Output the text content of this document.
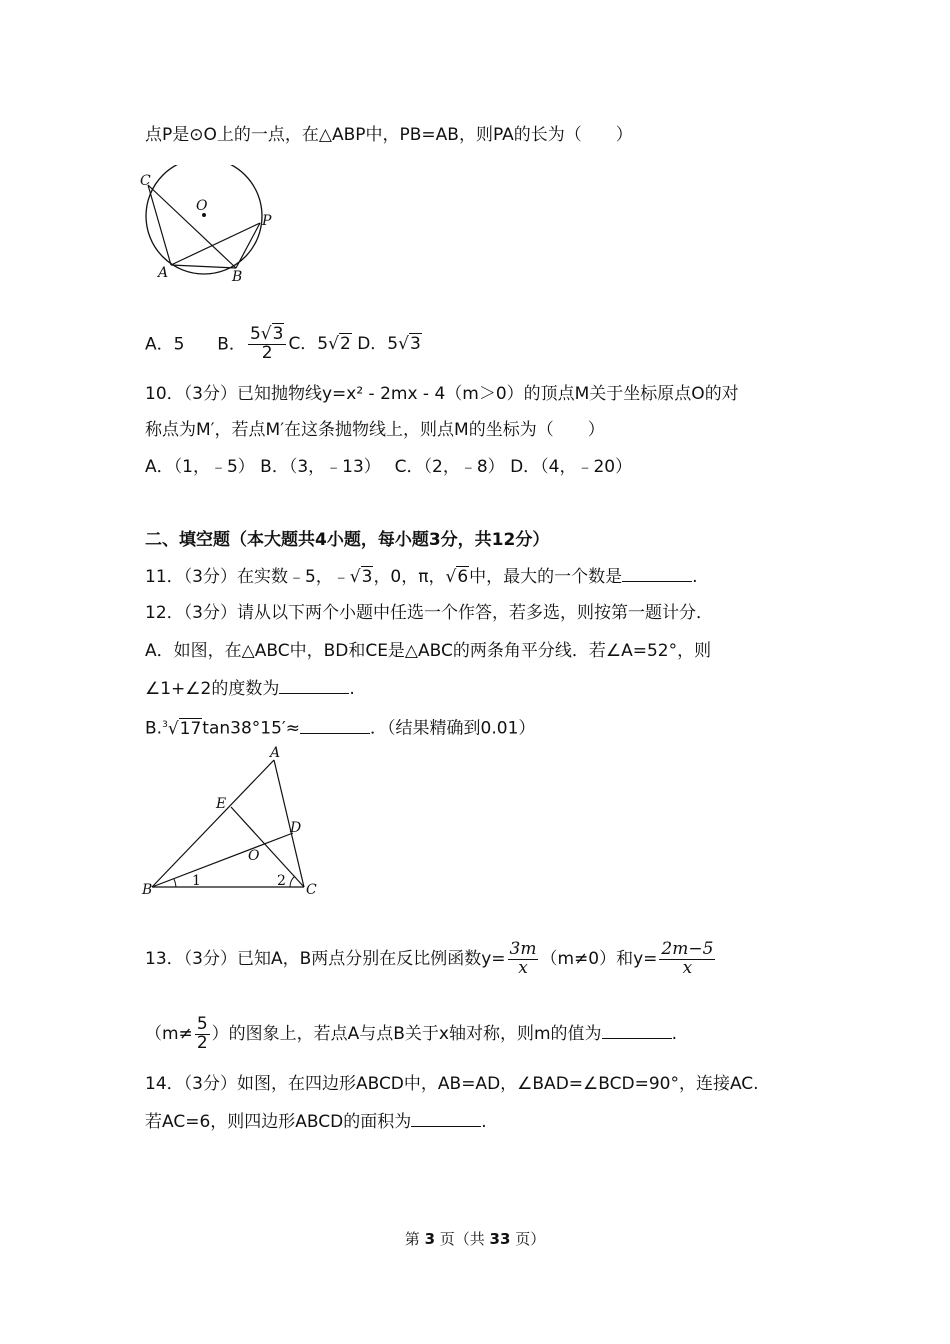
点P是⊙O上的一点，在△ABP中，PB=AB，则PA的长为（　　）
C
O
P
A	B
A．5 B． $\frac{5√3}{2}$ C．5√2 D．5√3
10．（3分）已知抛物线y=x² - 2mx - 4（m＞0）的顶点M关于坐标原点O的对
称点为M′，若点M′在这条抛物线上，则点M的坐标为（　　）
A．（1，﹣5） B．（3，﹣13）　 C．（2，﹣8） D．（4，﹣20）
二、填空题（本大题共4小题，每小题3分，共12分）
11．（3分）在实数﹣5，﹣√3，0，π，√6中，最大的一个数是	.
12．（3分）请从以下两个小题中任选一个作答，若多选，则按第一题计分．
A．如图，在△ABC中，BD和CE是△ABC的两条角平分线．若∠A=52°，则
∠1+∠2的度数为	.
B.$^3$√17tan38°15′≈	．（结果精确到0.01）
A
E
D
O
B	C
1	2
13．（3分）已知A，B两点分别在反比例函数$y= \frac{3m}{x} (m\ne 0)$和$y= \frac{2m-5}{x}$
（$m\ne \frac{5}{2}$ ）的图象上，若点A与点B关于x轴对称，则m的值为	.
14．（3分）如图，在四边形ABCD中，AB=AD，∠BAD=∠BCD=90°，连接AC.
若AC=6，则四边形ABCD的面积为	.
第 3 页（共 33 页）
